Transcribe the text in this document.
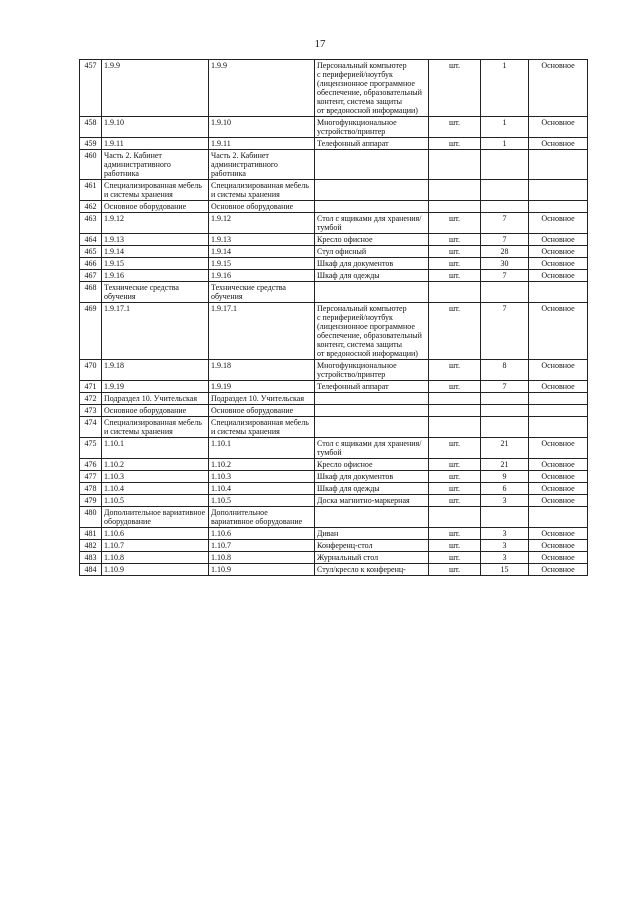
17
457	1.9.9	1.9.9	Персональный компьютер
с периферией/ноутбук (лицензионное программное обеспечение, образовательный контент, система защиты
от вредоносной информации)	шт.	1	Основное
458	1.9.10	1.9.10	Многофункциональное устройство/принтер	шт.	1	Основное
459	1.9.11	1.9.11	Телефонный аппарат	шт.	1	Основное
460	Часть 2. Кабинет административного работника	Часть 2. Кабинет административного работника				
461	Специализированная мебель и системы хранения	Специализированная мебель и системы хранения				
462	Основное оборудование	Основное оборудование				
463	1.9.12	1.9.12	Стол с ящиками для хранения/тумбой	шт.	7	Основное
464	1.9.13	1.9.13	Кресло офисное	шт.	7	Основное
465	1.9.14	1.9.14	Стул офисный	шт.	28	Основное
466	1.9.15	1.9.15	Шкаф для документов	шт.	30	Основное
467	1.9.16	1.9.16	Шкаф для одежды	шт.	7	Основное
468	Технические средства обучения	Технические средства обучения				
469	1.9.17.1	1.9.17.1	Персональный компьютер
с периферией/ноутбук (лицензионное программное обеспечение, образовательный контент, система защиты
от вредоносной информации)	шт.	7	Основное
470	1.9.18	1.9.18	Многофункциональное устройство/принтер	шт.	8	Основное
471	1.9.19	1.9.19	Телефонный аппарат	шт.	7	Основное
472	Подраздел 10. Учительская	Подраздел 10. Учительская				
473	Основное оборудование	Основное оборудование				
474	Специализированная мебель и системы хранения	Специализированная мебель и системы хранения				
475	1.10.1	1.10.1	Стол с ящиками для хранения/тумбой	шт.	21	Основное
476	1.10.2	1.10.2	Кресло офисное	шт.	21	Основное
477	1.10.3	1.10.3	Шкаф для документов	шт.	9	Основное
478	1.10.4	1.10.4	Шкаф для одежды	шт.	6	Основное
479	1.10.5	1.10.5	Доска магнитно-маркерная	шт.	3	Основное
480	Дополнительное вариативное оборудование	Дополнительное вариативное оборудование				
481	1.10.6	1.10.6	Диван	шт.	3	Основное
482	1.10.7	1.10.7	Конференц-стол	шт.	3	Основное
483	1.10.8	1.10.8	Журнальный стол	шт.	3	Основное
484	1.10.9	1.10.9	Стул/кресло к конференц-	шт.	15	Основное
